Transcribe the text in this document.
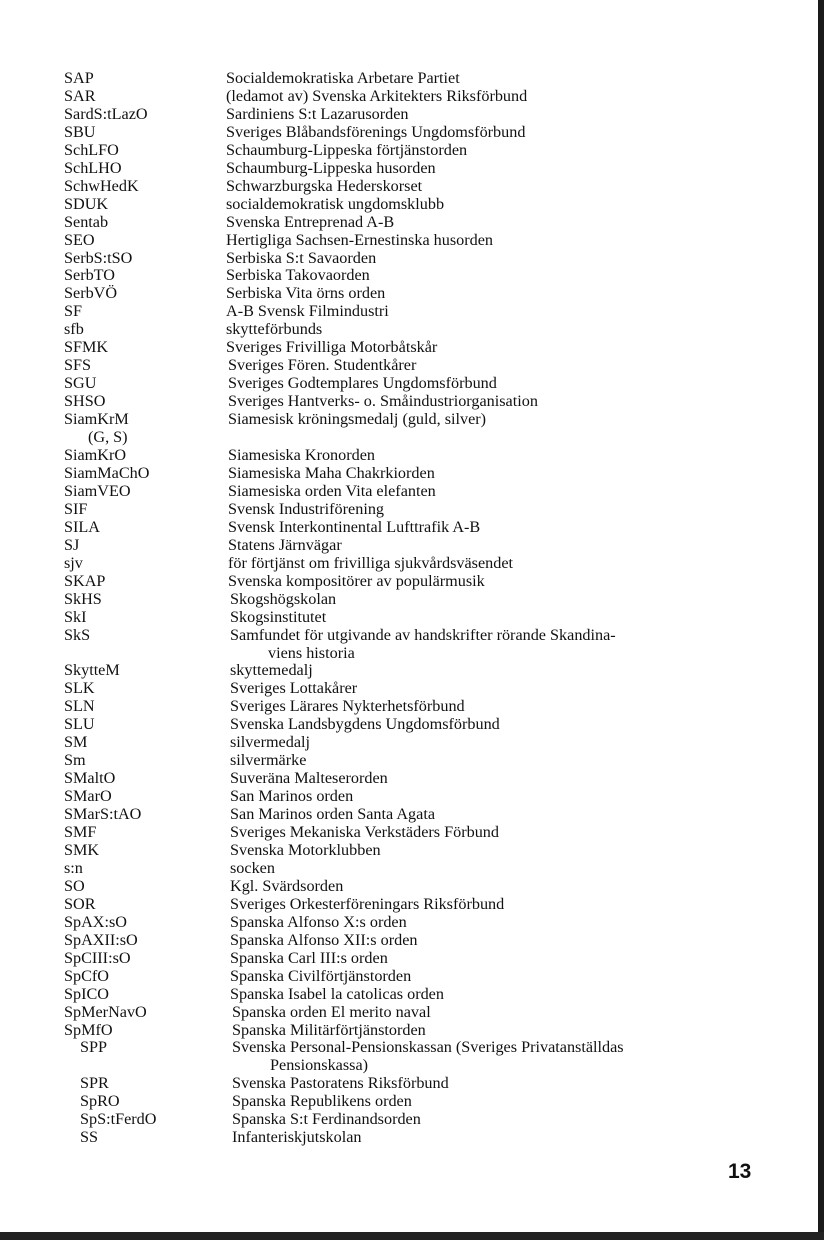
SAP	Socialdemokratiska Arbetare Partiet
SAR	(ledamot av) Svenska Arkitekters Riksförbund
SardS:tLazO	Sardiniens S:t Lazarusorden
SBU	Sveriges Blåbandsförenings Ungdomsförbund
SchLFO	Schaumburg-Lippeska förtjänstorden
SchLHO	Schaumburg-Lippeska husorden
SchwHedK	Schwarzburgska Hederskorset
SDUK	socialdemokratisk ungdomsklubb
Sentab	Svenska Entreprenad A-B
SEO	Hertigliga Sachsen-Ernestinska husorden
SerbS:tSO	Serbiska S:t Savaorden
SerbTO	Serbiska Takovaorden
SerbVÖ	Serbiska Vita örns orden
SF	A-B Svensk Filmindustri
sfb	skytteförbunds
SFMK	Sveriges Frivilliga Motorbåtskår
SFS	Sveriges Fören. Studentkårer
SGU	Sveriges Godtemplares Ungdomsförbund
SHSO	Sveriges Hantverks- o. Småindustriorganisation
SiamKrM	Siamesisk kröningsmedalj (guld, silver)
(G, S)
SiamKrO	Siamesiska Kronorden
SiamMaChO	Siamesiska Maha Chakrkiorden
SiamVEO	Siamesiska orden Vita elefanten
SIF	Svensk Industriförening
SILA	Svensk Interkontinental Lufttrafik A-B
SJ	Statens Järnvägar
sjv	för förtjänst om frivilliga sjukvårdsväsendet
SKAP	Svenska kompositörer av populärmusik
SkHS	Skogshögskolan
SkI	Skogsinstitutet
SkS	Samfundet för utgivande av handskrifter rörande Skandina-
viens historia
SkytteM	skyttemedalj
SLK	Sveriges Lottakårer
SLN	Sveriges Lärares Nykterhetsförbund
SLU	Svenska Landsbygdens Ungdomsförbund
SM	silvermedalj
Sm	silvermärke
SMaltO	Suveräna Malteserorden
SMarO	San Marinos orden
SMarS:tAO	San Marinos orden Santa Agata
SMF	Sveriges Mekaniska Verkstäders Förbund
SMK	Svenska Motorklubben
s:n	socken
SO	Kgl. Svärdsorden
SOR	Sveriges Orkesterföreningars Riksförbund
SpAX:sO	Spanska Alfonso X:s orden
SpAXII:sO	Spanska Alfonso XII:s orden
SpCIII:sO	Spanska Carl III:s orden
SpCfO	Spanska Civilförtjänstorden
SpICO	Spanska Isabel la catolicas orden
SpMerNavO	Spanska orden El merito naval
SpMfO	Spanska Militärförtjänstorden
SPP	Svenska Personal-Pensionskassan (Sveriges Privatanställdas
Pensionskassa)
SPR	Svenska Pastoratens Riksförbund
SpRO	Spanska Republikens orden
SpS:tFerdO	Spanska S:t Ferdinandsorden
SS	Infanteriskjutskolan
13
